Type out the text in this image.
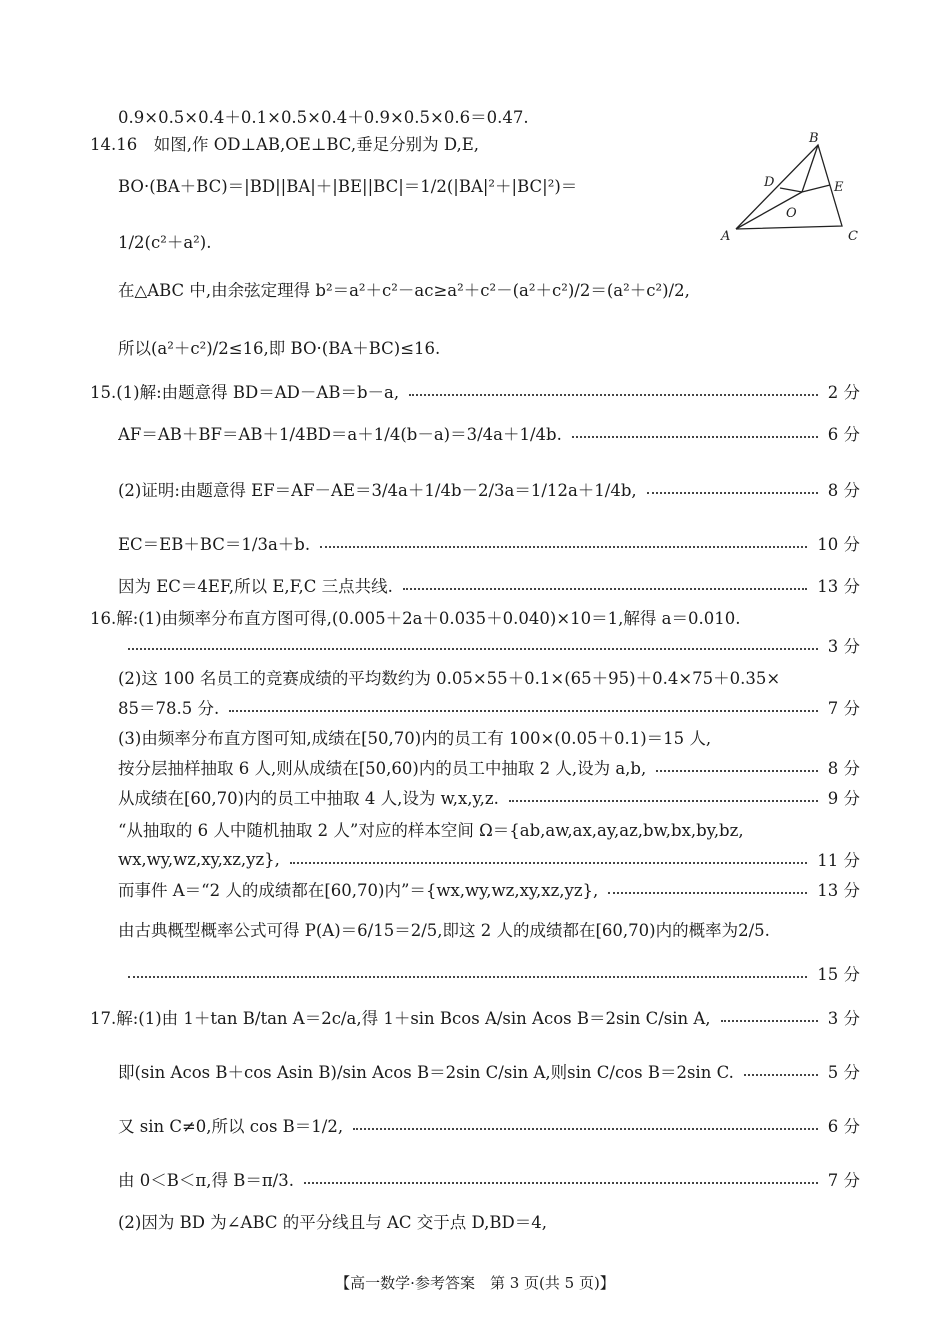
0.9×0.5×0.4＋0.1×0.5×0.4＋0.9×0.5×0.6＝0.47.
14.16　如图,作 OD⊥AB,OE⊥BC,垂足分别为 D,E,
BO·(BA＋BC)＝|BD||BA|＋|BE||BC|＝1/2(|BA|²＋|BC|²)＝
1/2(c²＋a²).
在△ABC 中,由余弦定理得 b²＝a²＋c²－ac≥a²＋c²－(a²＋c²)/2＝(a²＋c²)/2,
所以(a²＋c²)/2≤16,即 BO·(BA＋BC)≤16.
15.(1)解:由题意得 BD＝AD－AB＝b－a,	2 分
AF＝AB＋BF＝AB＋1/4BD＝a＋1/4(b－a)＝3/4a＋1/4b.	6 分
(2)证明:由题意得 EF＝AF－AE＝3/4a＋1/4b－2/3a＝1/12a＋1/4b,	8 分
EC＝EB＋BC＝1/3a＋b.	10 分
因为 EC＝4EF,所以 E,F,C 三点共线.	13 分
16.解:(1)由频率分布直方图可得,(0.005＋2a＋0.035＋0.040)×10＝1,解得 a＝0.010.
3 分
(2)这 100 名员工的竞赛成绩的平均数约为 0.05×55＋0.1×(65＋95)＋0.4×75＋0.35×
85＝78.5 分.	7 分
(3)由频率分布直方图可知,成绩在[50,70)内的员工有 100×(0.05＋0.1)＝15 人,
按分层抽样抽取 6 人,则从成绩在[50,60)内的员工中抽取 2 人,设为 a,b,	8 分
从成绩在[60,70)内的员工中抽取 4 人,设为 w,x,y,z.	9 分
“从抽取的 6 人中随机抽取 2 人”对应的样本空间 Ω＝{ab,aw,ax,ay,az,bw,bx,by,bz,
wx,wy,wz,xy,xz,yz},	11 分
而事件 A＝“2 人的成绩都在[60,70)内”＝{wx,wy,wz,xy,xz,yz},	13 分
由古典概型概率公式可得 P(A)＝6/15＝2/5,即这 2 人的成绩都在[60,70)内的概率为2/5.
15 分
17.解:(1)由 1＋tan B/tan A＝2c/a,得 1＋sin Bcos A/sin Acos B＝2sin C/sin A,	3 分
即(sin Acos B＋cos Asin B)/sin Acos B＝2sin C/sin A,则sin C/cos B＝2sin C.	5 分
又 sin C≠0,所以 cos B＝1/2,	6 分
由 0＜B＜π,得 B＝π/3.	7 分
(2)因为 BD 为∠ABC 的平分线且与 AC 交于点 D,BD＝4,
A
B
C
D	E
O
【高一数学·参考答案　第 3 页(共 5 页)】
